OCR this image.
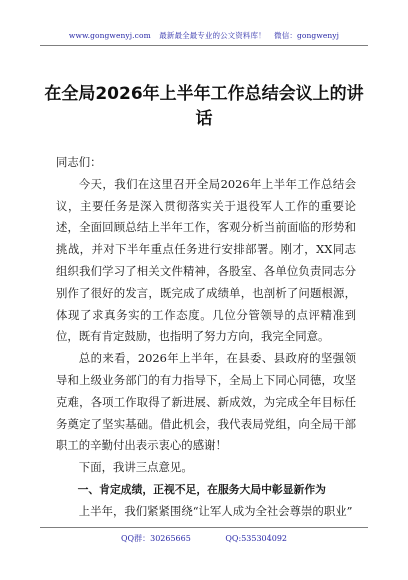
www.gongwenyj.com 最新最全最专业的公文资料库！ 微信：gongwenyj
在全局2026年上半年工作总结会议上的讲话

同志们：

今天，我们在这里召开全局2026年上半年工作总结会议，主要任务是深入贯彻落实关于退役军人工作的重要论述，全面回顾总结上半年工作，客观分析当前面临的形势和挑战，并对下半年重点任务进行安排部署。刚才，XX同志组织我们学习了相关文件精神，各股室、各单位负责同志分别作了很好的发言，既完成了成绩单，也剖析了问题根源，体现了求真务实的工作态度。几位分管领导的点评精准到位，既有肯定鼓励，也指明了努力方向，我完全同意。

总的来看，2026年上半年，在县委、县政府的坚强领导和上级业务部门的有力指导下，全局上下同心同德，攻坚克难，各项工作取得了新进展、新成效，为完成全年目标任务奠定了坚实基础。借此机会，我代表局党组，向全局干部职工的辛勤付出表示衷心的感谢！

下面，我讲三点意见。

一、肯定成绩，正视不足，在服务大局中彰显新作为

上半年，我们紧紧围绕“让军人成为全社会尊崇的职业”

QQ群：30265665	QQ:535304092
